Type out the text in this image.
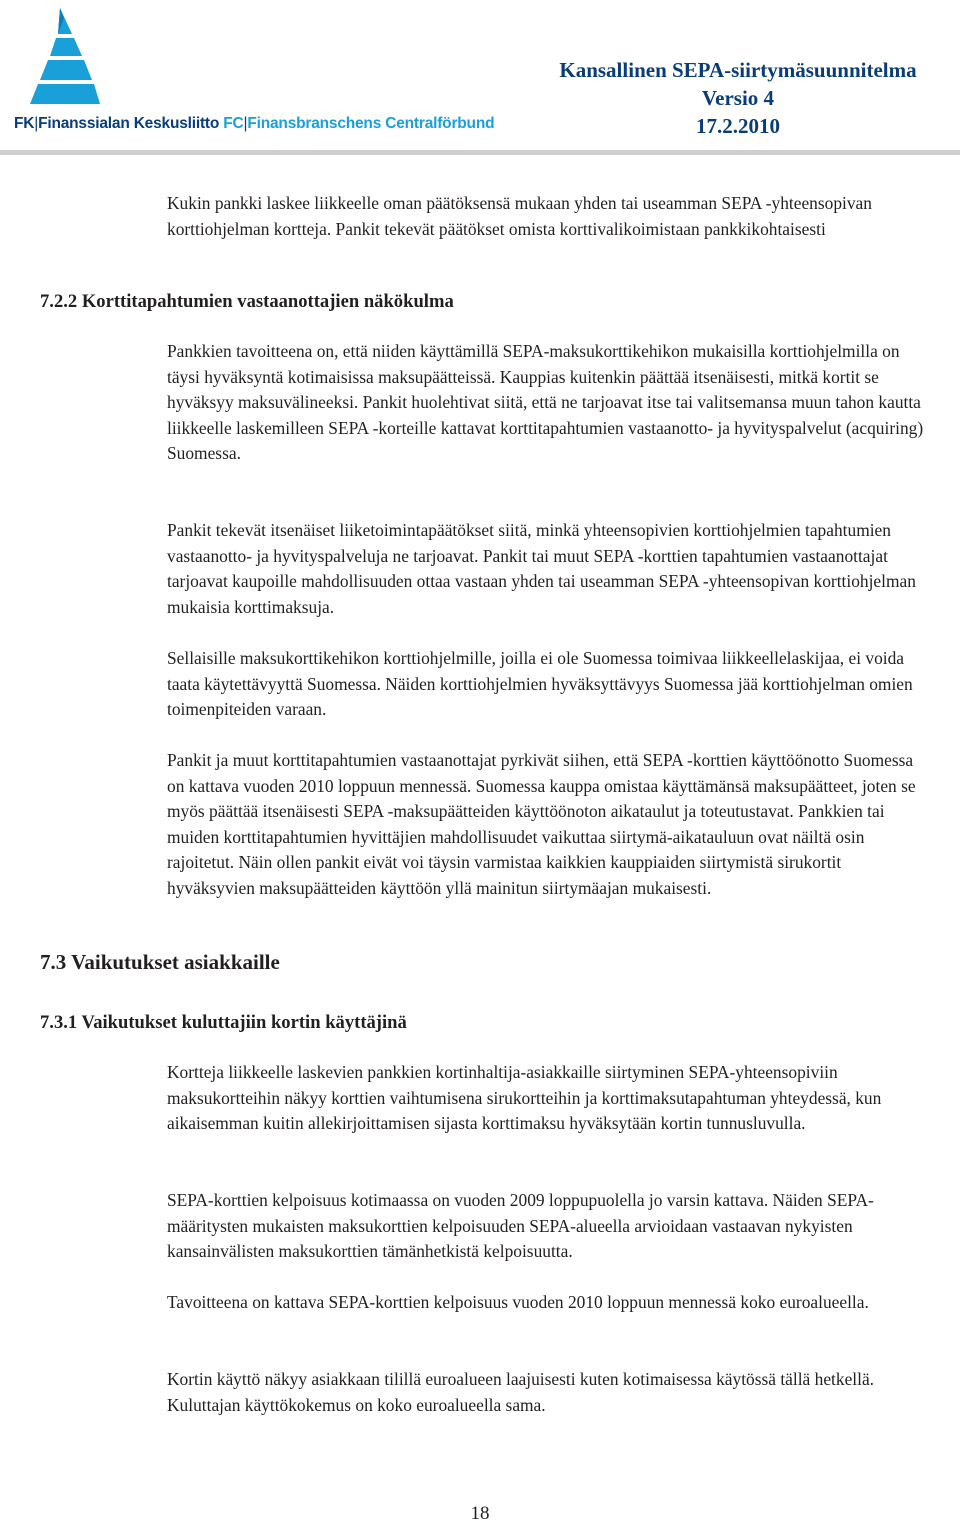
FK|Finanssialan Keskusliitto FC|Finansbranschens Centralförbund
Kansallinen SEPA-siirtymäsuunnitelma
Versio 4
17.2.2010

Kukin pankki laskee liikkeelle oman päätöksensä mukaan yhden tai useamman SEPA -yhteensopivan korttiohjelman kortteja. Pankit tekevät päätökset omista korttivalikoimistaan pankkikohtaisesti

7.2.2 Korttitapahtumien vastaanottajien näkökulma

Pankkien tavoitteena on, että niiden käyttämillä SEPA-maksukorttikehikon mukaisilla korttiohjelmilla on täysi hyväksyntä kotimaisissa maksupäätteissä. Kauppias kuitenkin päättää itsenäisesti, mitkä kortit se hyväksyy maksuvälineeksi. Pankit huolehtivat siitä, että ne tarjoavat itse tai valitsemansa muun tahon kautta liikkeelle laskemilleen SEPA -korteille kattavat korttitapahtumien vastaanotto- ja hyvityspalvelut (acquiring) Suomessa.

Pankit tekevät itsenäiset liiketoimintapäätökset siitä, minkä yhteensopivien korttiohjelmien tapahtumien vastaanotto- ja hyvityspalveluja ne tarjoavat. Pankit tai muut SEPA -korttien tapahtumien vastaanottajat tarjoavat kaupoille mahdollisuuden ottaa vastaan yhden tai useamman SEPA -yhteensopivan korttiohjelman mukaisia korttimaksuja.

Sellaisille maksukorttikehikon korttiohjelmille, joilla ei ole Suomessa toimivaa liikkeellelaskijaa, ei voida taata käytettävyyttä Suomessa. Näiden korttiohjelmien hyväksyttävyys Suomessa jää korttiohjelman omien toimenpiteiden varaan.

Pankit ja muut korttitapahtumien vastaanottajat pyrkivät siihen, että SEPA -korttien käyttöönotto Suomessa on kattava vuoden 2010 loppuun mennessä. Suomessa kauppa omistaa käyttämänsä maksupäätteet, joten se myös päättää itsenäisesti SEPA -maksupäätteiden käyttöönoton aikataulut ja toteutustavat. Pankkien tai muiden korttitapahtumien hyvittäjien mahdollisuudet vaikuttaa siirtymä-aikatauluun ovat näiltä osin rajoitetut. Näin ollen pankit eivät voi täysin varmistaa kaikkien kauppiaiden siirtymistä sirukortit hyväksyvien maksupäätteiden käyttöön yllä mainitun siirtymäajan mukaisesti.

7.3 Vaikutukset asiakkaille
7.3.1 Vaikutukset kuluttajiin kortin käyttäjinä

Kortteja liikkeelle laskevien pankkien kortinhaltija-asiakkaille siirtyminen SEPA-yhteensopiviin maksukortteihin näkyy korttien vaihtumisena sirukortteihin ja korttimaksutapahtuman yhteydessä, kun aikaisemman kuitin allekirjoittamisen sijasta korttimaksu hyväksytään kortin tunnusluvulla.

SEPA-korttien kelpoisuus kotimaassa on vuoden 2009 loppupuolella jo varsin kattava. Näiden SEPA-määritysten mukaisten maksukorttien kelpoisuuden SEPA-alueella arvioidaan vastaavan nykyisten kansainvälisten maksukorttien tämänhetkistä kelpoisuutta.

Tavoitteena on kattava SEPA-korttien kelpoisuus vuoden 2010 loppuun mennessä koko euroalueella.

Kortin käyttö näkyy asiakkaan tilillä euroalueen laajuisesti kuten kotimaisessa käytössä tällä hetkellä. Kuluttajan käyttökokemus on koko euroalueella sama.

18
